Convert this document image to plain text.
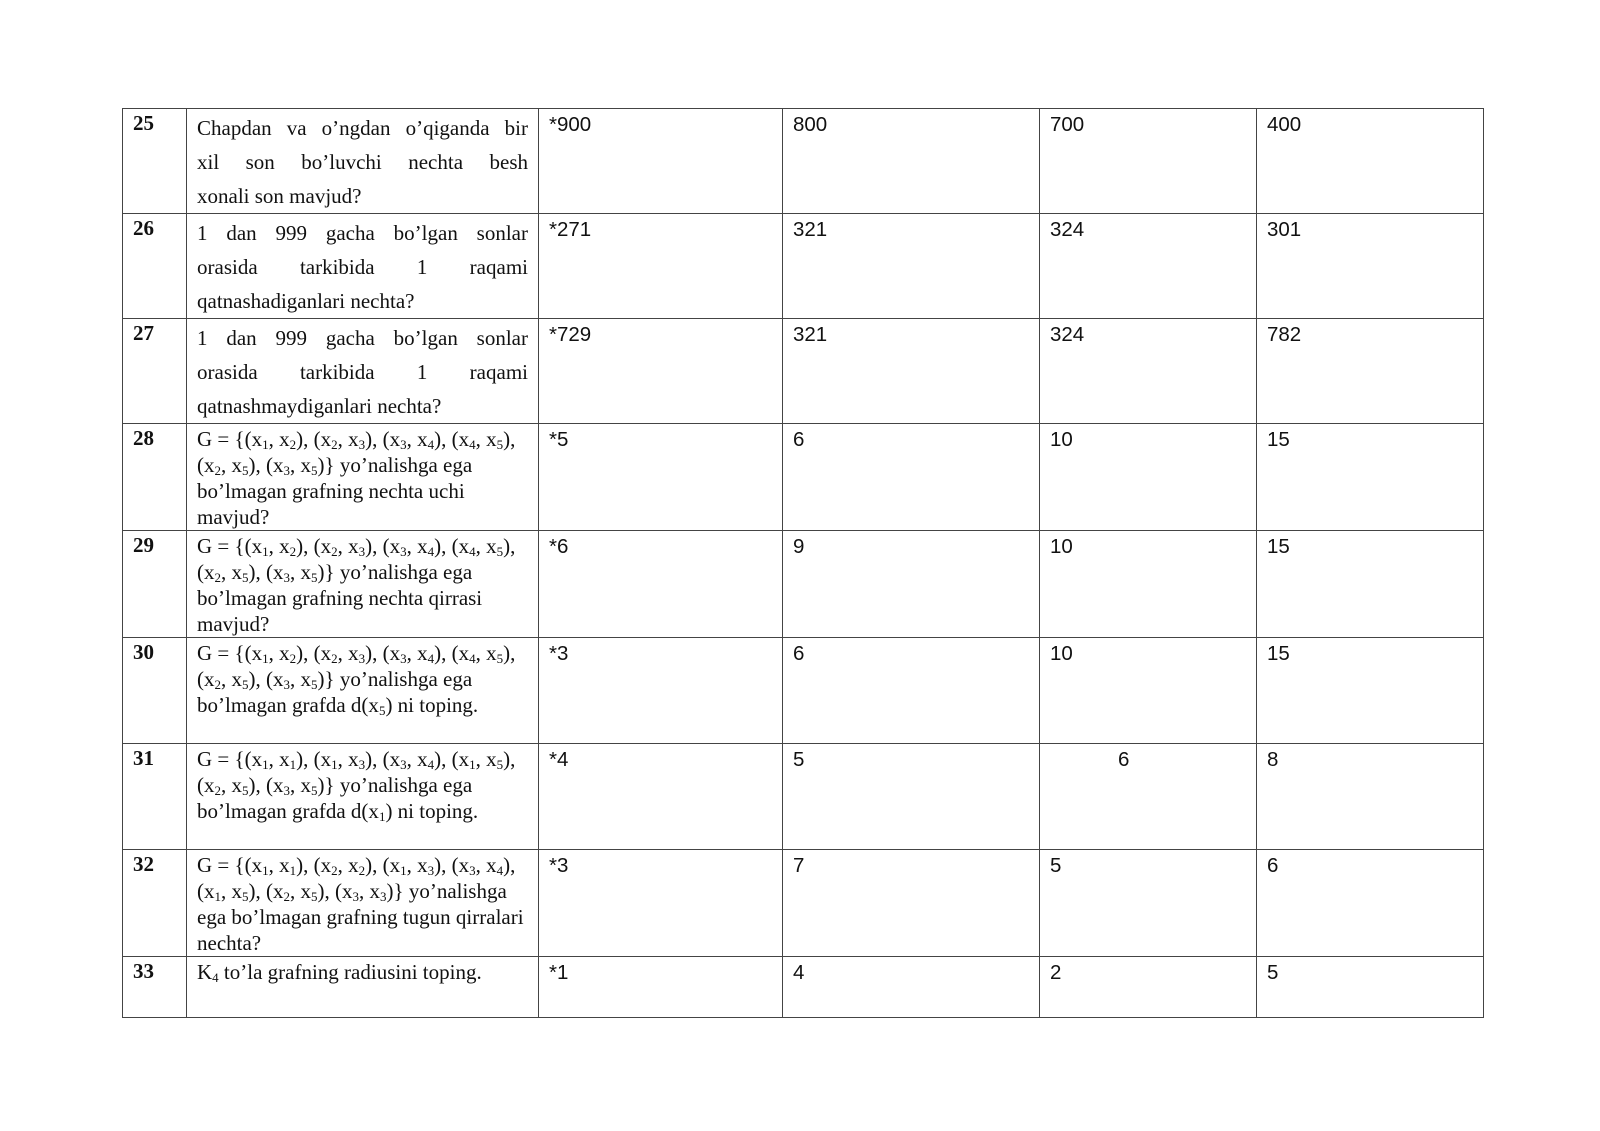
25	Chapdan va o’ngdan o’qiganda bir
xil son bo’luvchi nechta besh
xonali son mavjud?	*900	800	700	400
26	1 dan 999 gacha bo’lgan sonlar
orasida tarkibida 1 raqami
qatnashadiganlari nechta?	*271	321	324	301
27	1 dan 999 gacha bo’lgan sonlar
orasida tarkibida 1 raqami
qatnashmaydiganlari nechta?	*729	321	324	782
28	$G = \{(x_1$, $x_2$), ($x_2$, $x_3$), ($x_3$, $x_4$), ($x_4$, $x_5$), ($x_2$, $x_5$), ($x_3$, $x_5$)} yo’nalishga ega bo’lmagan grafning nechta uchi mavjud?	*5	6	10	15
29	$G = \{(x_1$, $x_2$), ($x_2$, $x_3$), ($x_3$, $x_4$), ($x_4$, $x_5$), ($x_2$, $x_5$), ($x_3$, $x_5$)} yo’nalishga ega bo’lmagan grafning nechta qirrasi mavjud?	*6	9	10	15
30	$G = \{(x_1$, $x_2$), ($x_2$, $x_3$), ($x_3$, $x_4$), ($x_4$, $x_5$), ($x_2$, $x_5$), ($x_3$, $x_5$)} yo’nalishga ega bo’lmagan grafda $d(x_5)$ ni toping.	*3	6	10	15
31	$G = \{(x_1$, $x_1$), ($x_1$, $x_3$), ($x_3$, $x_4$), ($x_1$, $x_5$), ($x_2$, $x_5$), ($x_3$, $x_5$)} yo’nalishga ega bo’lmagan grafda $d(x_1)$ ni toping.	*4	5	6	8
32	$G = \{(x_1$, $x_1$), ($x_2$, $x_2$), ($x_1$, $x_3$), ($x_3$, $x_4$), ($x_1$, $x_5$), ($x_2$, $x_5$), ($x_3$, $x_3$)} yo’nalishga ega bo’lmagan grafning tugun qirralari nechta?	*3	7	5	6
33	$K_4$ to’la grafning radiusini toping.	*1	4	2	5
